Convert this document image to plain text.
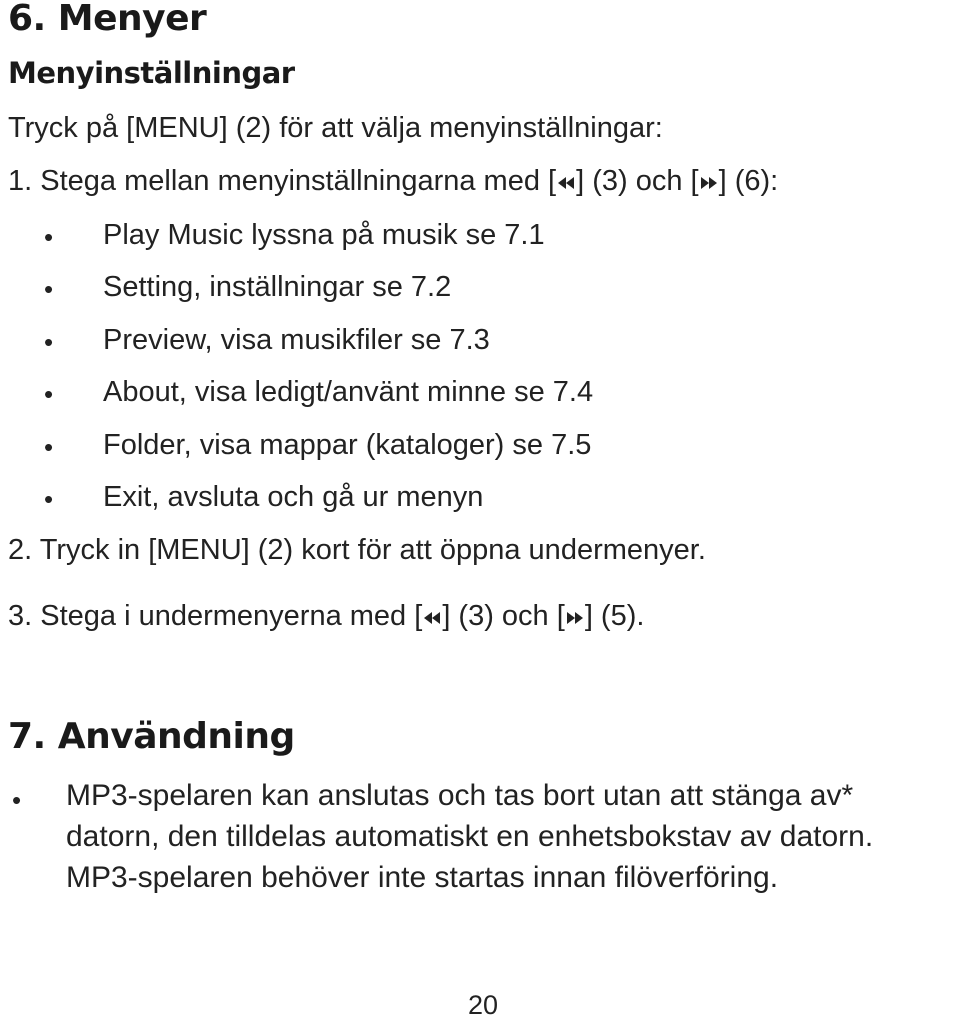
6. Menyer
Menyinställningar
Tryck på [MENU] (2) för att välja menyinställningar:
1. Stega mellan menyinställningarna med [ ] (3) och [ ] (6):
• Play Music lyssna på musik se 7.1
• Setting, inställningar se 7.2
• Preview, visa musikfiler se 7.3
• About, visa ledigt/använt minne se 7.4
• Folder, visa mappar (kataloger) se 7.5
• Exit, avsluta och gå ur menyn
2. Tryck in [MENU] (2) kort för att öppna undermenyer.
3. Stega i undermenyerna med [ ] (3) och [ ] (5).
7. Användning
• MP3-spelaren kan anslutas och tas bort utan att stänga av*
datorn, den tilldelas automatiskt en enhetsbokstav av datorn.
MP3-spelaren behöver inte startas innan filöverföring.
20
